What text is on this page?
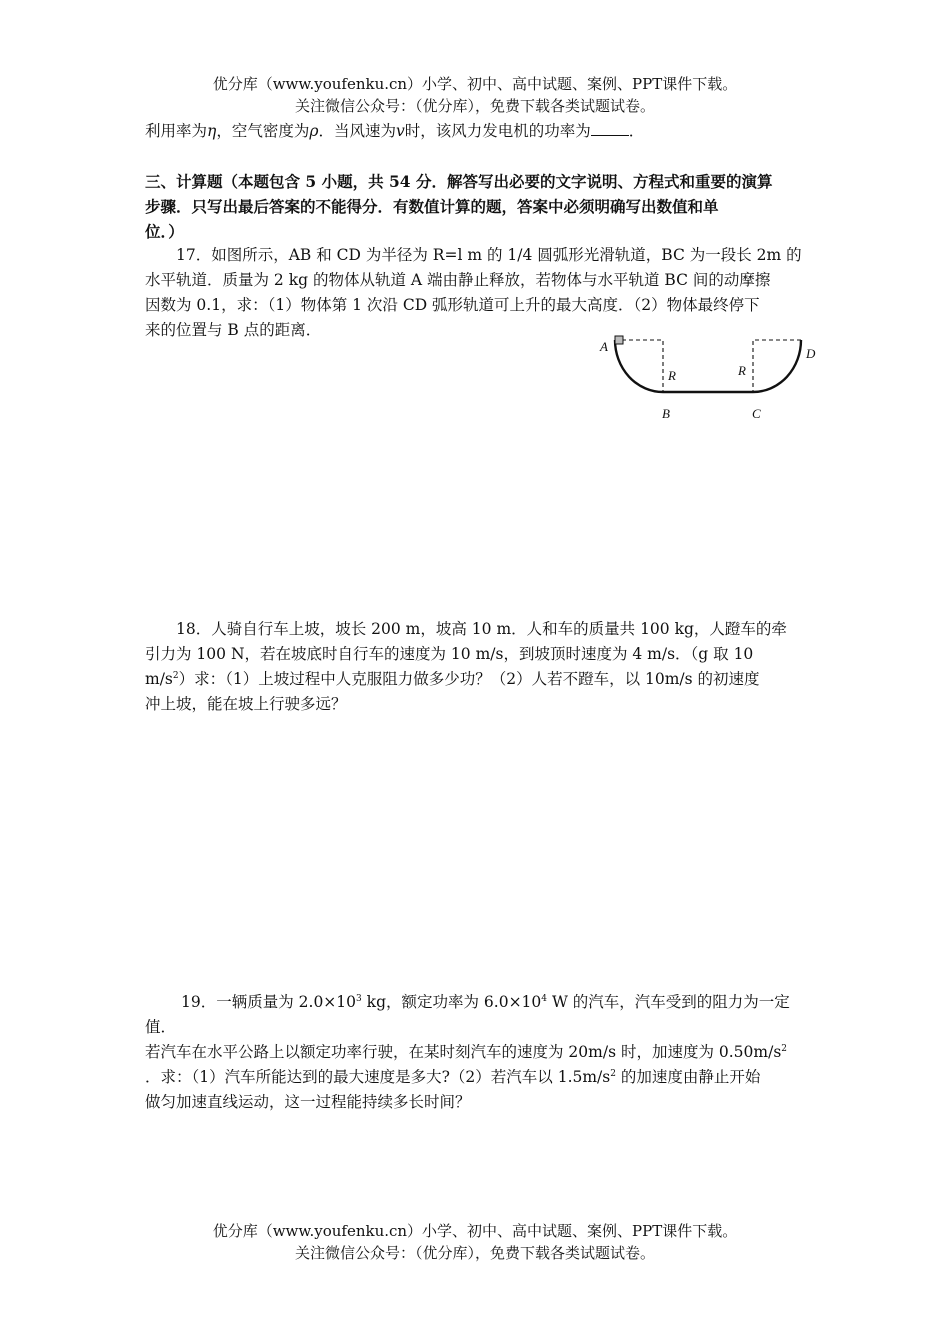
优分库（www.youfenku.cn）小学、初中、高中试题、案例、PPT课件下载。
关注微信公众号：（优分库），免费下载各类试题试卷。
利用率为η，空气密度为ρ．当风速为v时，该风力发电机的功率为 ．
三、计算题（本题包含 5 小题，共 54 分．解答写出必要的文字说明、方程式和重要的演算
步骤．只写出最后答案的不能得分．有数值计算的题，答案中必须明确写出数值和单
位．）
17．如图所示，AB 和 CD 为半径为 R=l m 的 1/4 圆弧形光滑轨道，BC 为一段长 2m 的
水平轨道．质量为 2 kg 的物体从轨道 A 端由静止释放，若物体与水平轨道 BC 间的动摩擦
因数为 0.1，求：（1）物体第 1 次沿 CD 弧形轨道可上升的最大高度．（2）物体最终停下
来的位置与 B 点的距离．
A	D
R	R
B	C
18．人骑自行车上坡，坡长 200 m，坡高 10 m．人和车的质量共 100 kg，人蹬车的牵
引力为 100 N，若在坡底时自行车的速度为 10 m/s，到坡顶时速度为 4 m/s．（g 取 10
$m/s^2$）求：（1）上坡过程中人克服阻力做多少功？（2）人若不蹬车，以 10m/s 的初速度
冲上坡，能在坡上行驶多远？
19．一辆质量为 $2.0\times 10^3$ kg，额定功率为 $6.0\times 10^4$ W 的汽车，汽车受到的阻力为一定值．
若汽车在水平公路上以额定功率行驶，在某时刻汽车的速度为 20m/s 时，加速度为 $0.50m/s^2$
．求：（1）汽车所能达到的最大速度是多大?（2）若汽车以 $1.5m/s^2$ 的加速度由静止开始
做匀加速直线运动，这一过程能持续多长时间？
优分库（www.youfenku.cn）小学、初中、高中试题、案例、PPT课件下载。
关注微信公众号：（优分库），免费下载各类试题试卷。
